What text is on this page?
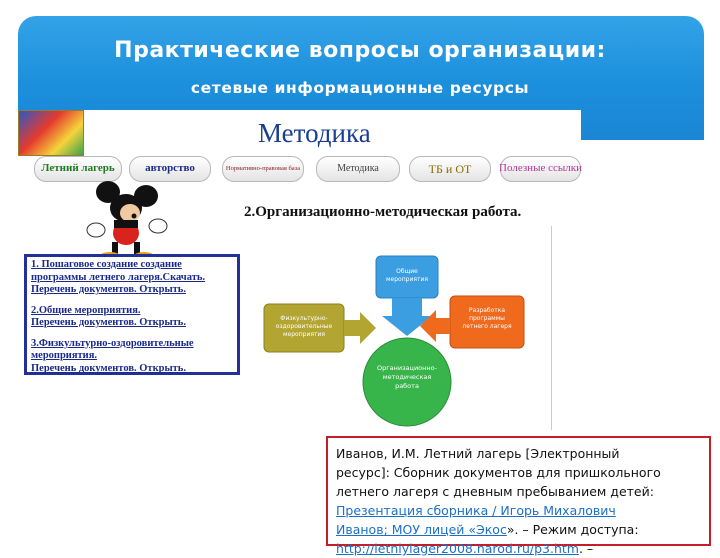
Практические вопросы организации:
сетевые информационные ресурсы
Методика
Летний лагерь	авторство	Нормативно-правовая база	Методика	ТБ и ОТ	Полезные ссылки
2.Организационно-методическая работа.
1. Пошаговое создание создание
программы летнего лагеря.Скачать.
Перечень документов. Открыть.
2.Общие мероприятия.
Перечень документов. Открыть.
3.Физкультурно-оздоровительные
мероприятия.
Перечень документов. Открыть.
Общие мероприятия
Физкультурно-оздоровительные мероприятия
Разработка программы летнего лагеря
Организационно-методическая работа
Иванов, И.М. Летний лагерь [Электронный
ресурс]: Сборник документов для пришкольного
летнего лагеря с дневным пребыванием детей:
Презентация сборника / Игорь Михалович
Иванов; МОУ лицей «Экос». – Режим доступа:
http://letniylager2008.narod.ru/p3.htm. –
